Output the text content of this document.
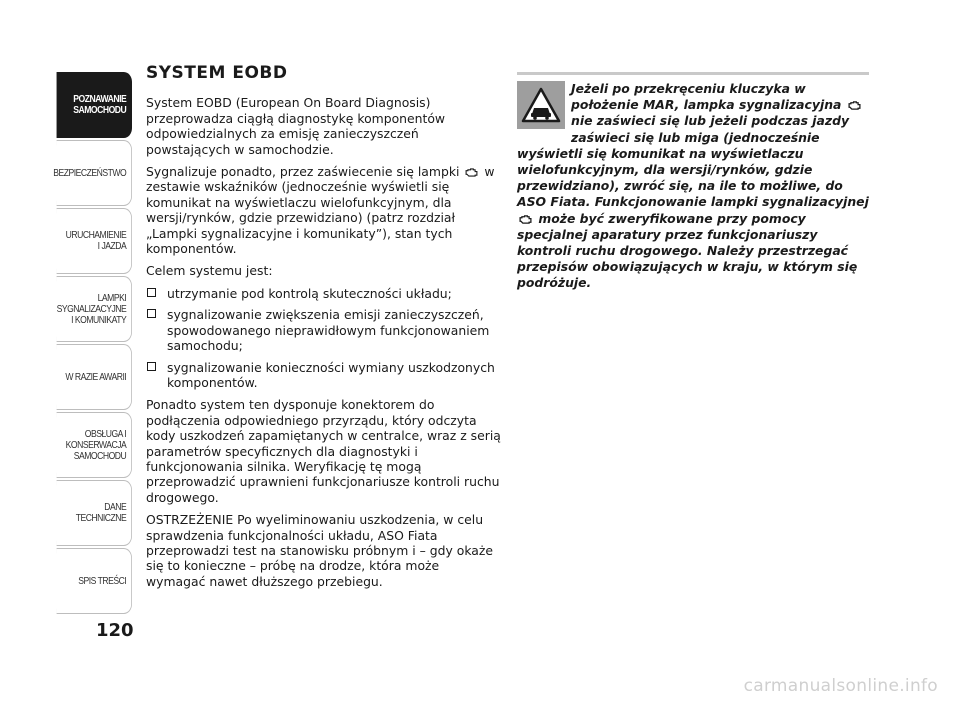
POZNAWANIE
SAMOCHODU
BEZPIECZEŃSTWO
URUCHAMIENIE
I JAZDA
LAMPKI
SYGNALIZACYJNE
I KOMUNIKATY
W RAZIE AWARII
OBSŁUGA I
KONSERWACJA
SAMOCHODU
DANE TECHNICZNE
SPIS TREŚCI
120
SYSTEM EOBD

System EOBD (European On Board Diagnosis) przeprowadza ciągłą diagnostykę komponentów odpowiedzialnych za emisję zanieczyszczeń powstających w samochodzie.

Sygnalizuje ponadto, przez zaświecenie się lampki w zestawie wskaźników (jednocześnie wyświetli się komunikat na wyświetlaczu wielofunkcyjnym, dla wersji/rynków, gdzie przewidziano) (patrz rozdział „Lampki sygnalizacyjne i komunikaty”), stan tych komponentów.

Celem systemu jest:

utrzymanie pod kontrolą skuteczności układu;
sygnalizowanie zwiększenia emisji zanieczyszczeń, spowodowanego nieprawidłowym funkcjonowaniem samochodu;
sygnalizowanie konieczności wymiany uszkodzonych komponentów.

Ponadto system ten dysponuje konektorem do podłączenia odpowiedniego przyrządu, który odczyta kody uszkodzeń zapamiętanych w centralce, wraz z serią parametrów specyficznych dla diagnostyki i funkcjonowania silnika. Weryfikację tę mogą przeprowadzić uprawnieni funkcjonariusze kontroli ruchu drogowego.

OSTRZEŻENIE Po wyeliminowaniu uszkodzenia, w celu sprawdzenia funkcjonalności układu, ASO Fiata przeprowadzi test na stanowisku próbnym i – gdy okaże się to konieczne – próbę na drodze, która może wymagać nawet dłuższego przebiegu.

Jeżeli po przekręceniu kluczyka w położenie MAR, lampka sygnalizacyjna  nie zaświeci się lub jeżeli podczas jazdy zaświeci się lub miga (jednocześnie wyświetli się komunikat na wyświetlaczu wielofunkcyjnym, dla wersji/rynków, gdzie przewidziano), zwróć się, na ile to możliwe, do ASO Fiata. Funkcjonowanie lampki sygnalizacyjnej  może być zweryfikowane przy pomocy specjalnej aparatury przez funkcjonariuszy kontroli ruchu drogowego. Należy przestrzegać przepisów obowiązujących w kraju, w którym się podróżuje.
carmanualsonline.info
